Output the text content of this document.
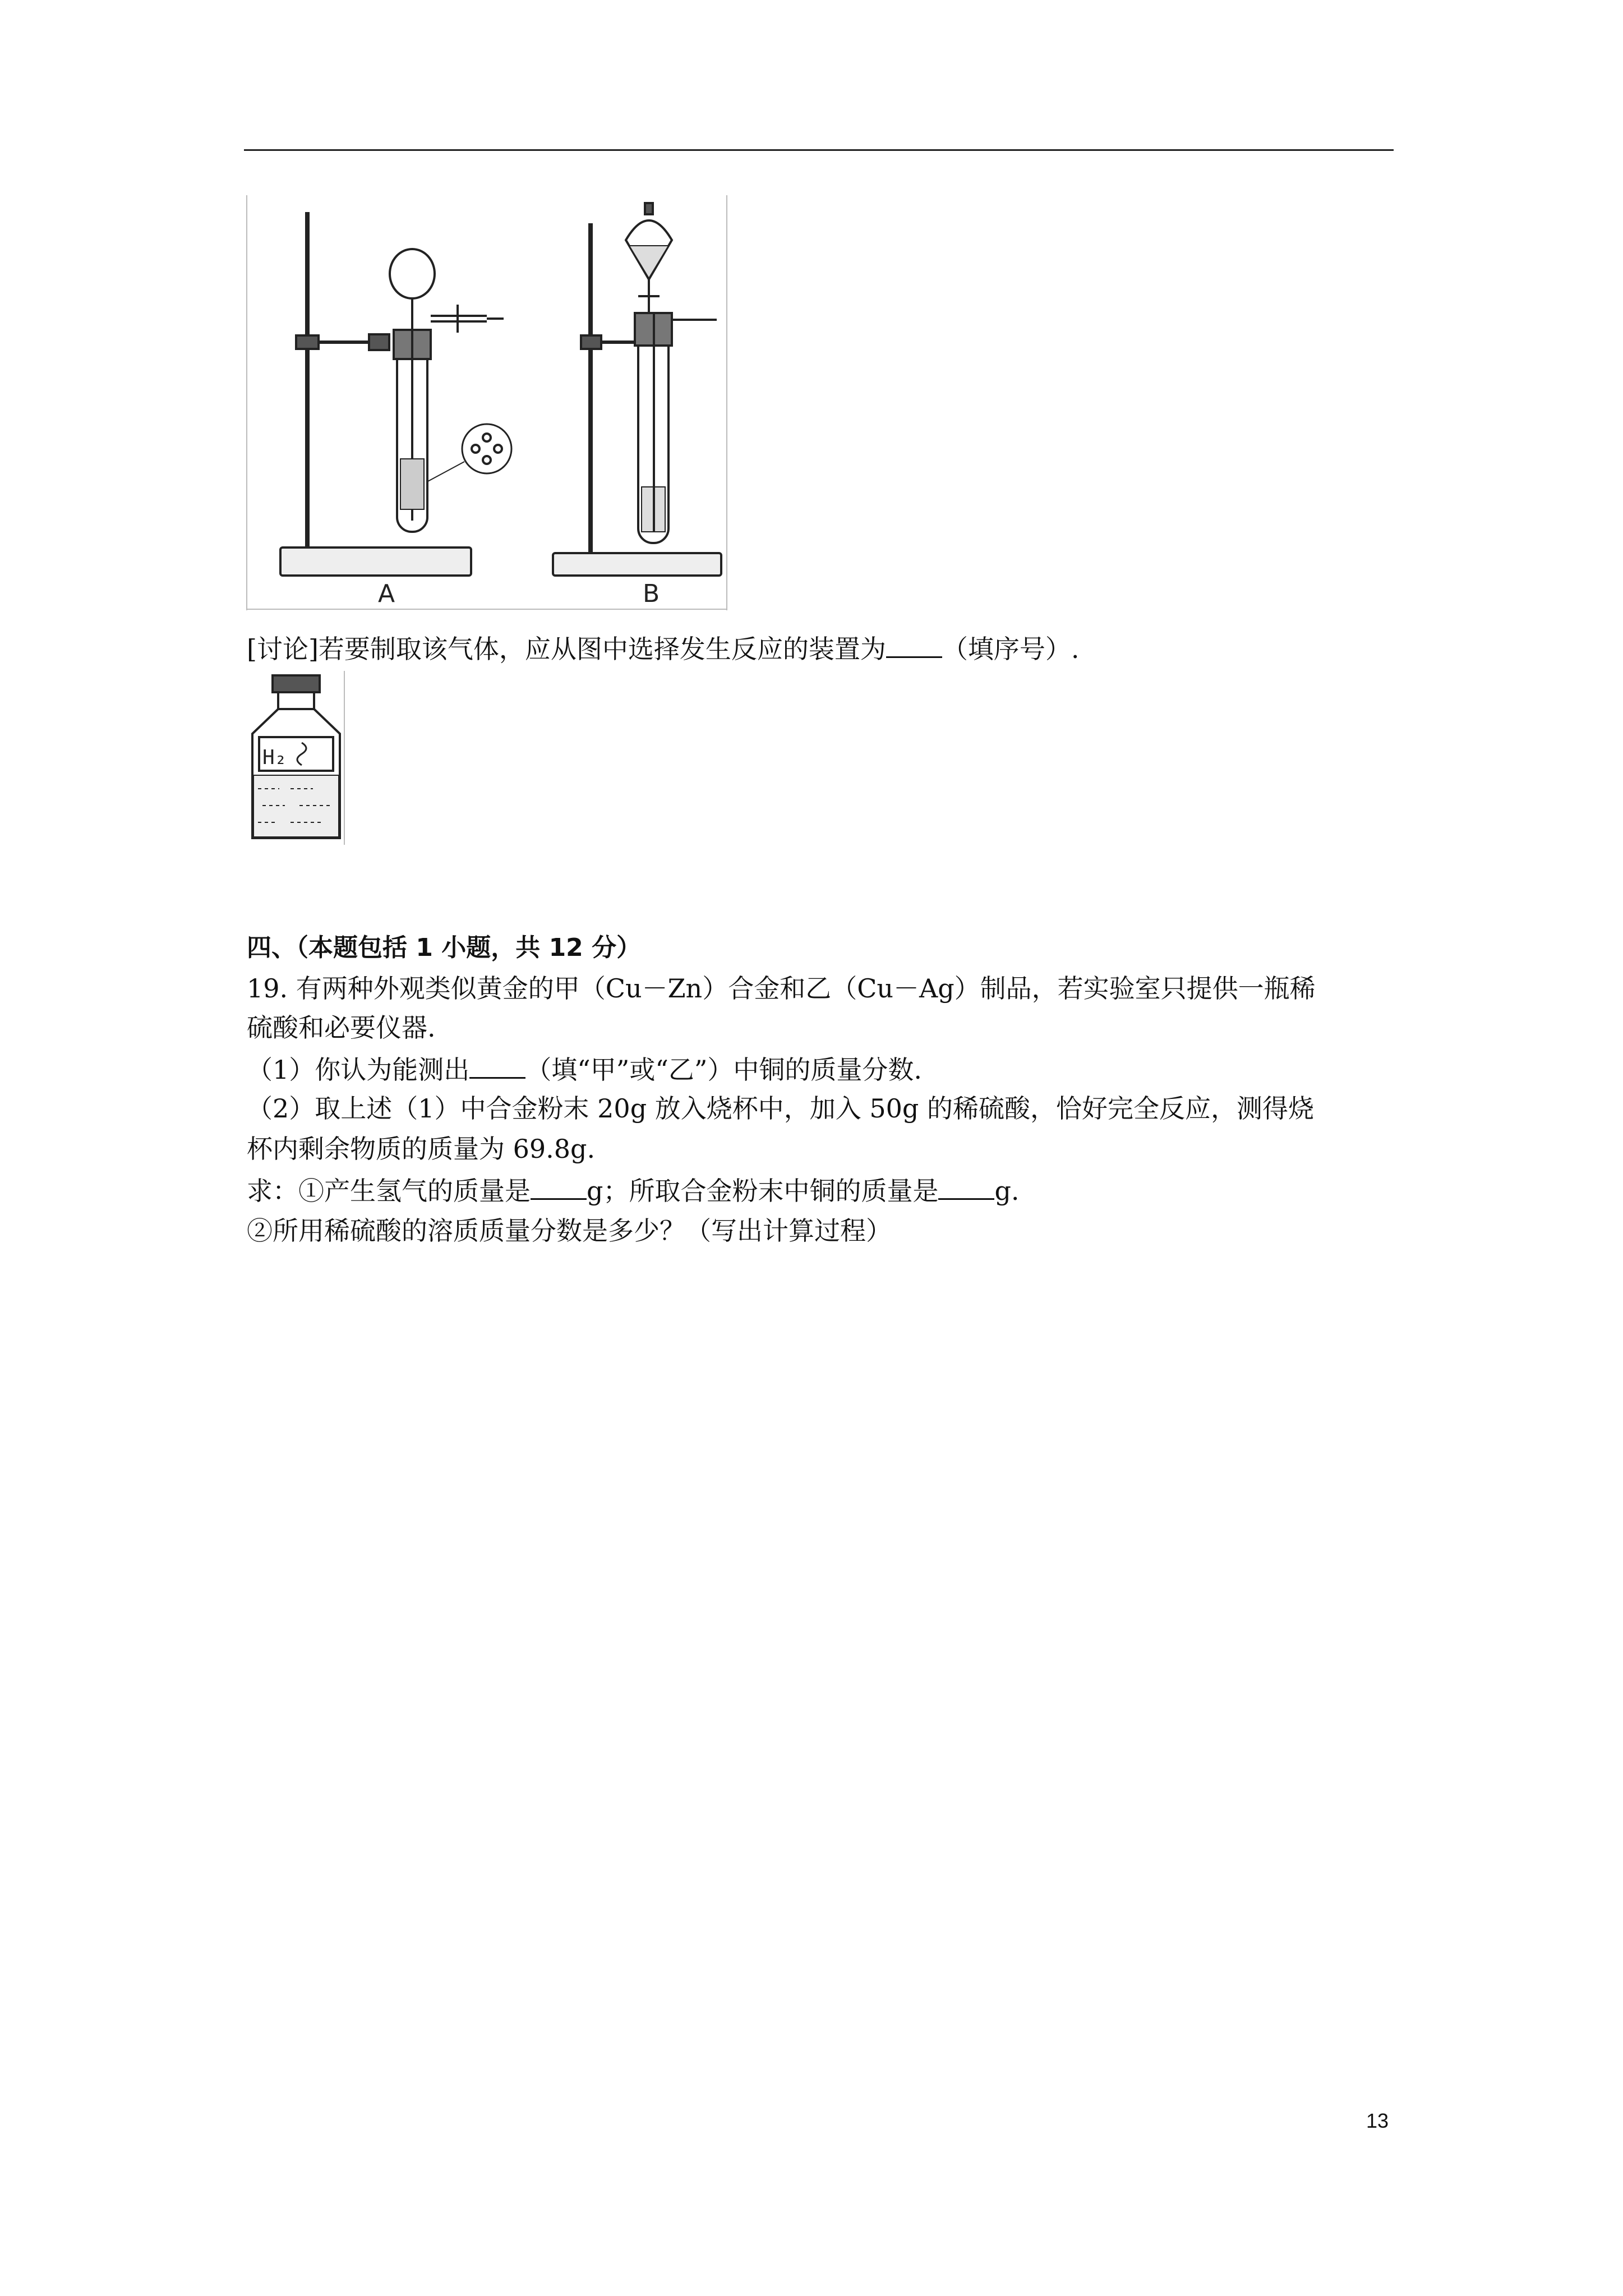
A	B
[讨论]若要制取该气体，应从图中选择发生反应的装置为 （填序号）.
H₂
四、（本题包括 1 小题，共 12 分）
19. 有两种外观类似黄金的甲（Cu－Zn）合金和乙（Cu－Ag）制品，若实验室只提供一瓶稀
硫酸和必要仪器.
（1）你认为能测出 （填“甲”或“乙”）中铜的质量分数.
（2）取上述（1）中合金粉末 20g 放入烧杯中，加入 50g 的稀硫酸，恰好完全反应，测得烧
杯内剩余物质的质量为 69.8g.
求：①产生氢气的质量是 g；所取合金粉末中铜的质量是 g.
②所用稀硫酸的溶质质量分数是多少？（写出计算过程）
13
